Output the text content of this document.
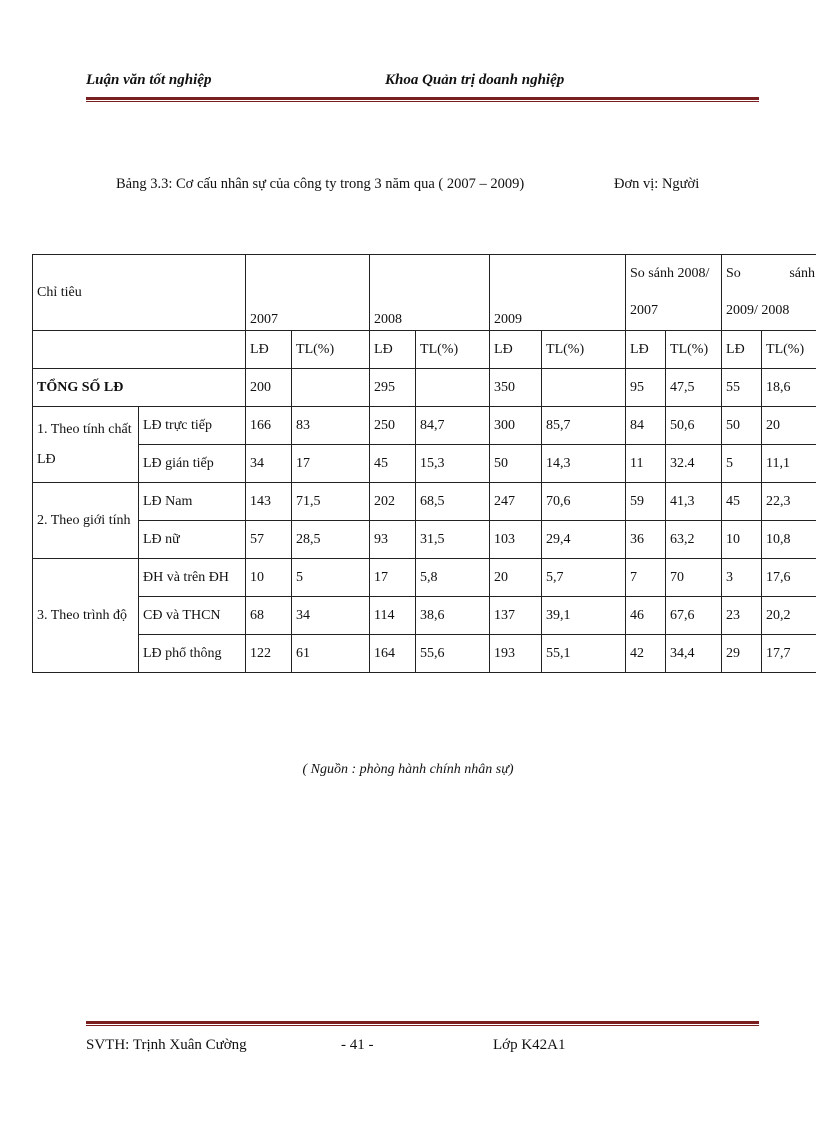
Luận văn tốt nghiệp	Khoa Quản trị doanh nghiệp
Bảng 3.3: Cơ cấu nhân sự của công ty trong 3 năm qua ( 2007 – 2009)	Đơn vị: Người
Chỉ tiêu		2007		2008		2009		So sánh 2008/		So sánh	

								2007		2009/ 2008	
		LĐ	TL(%)	LĐ	TL(%)	LĐ	TL(%)	LĐ	TL(%)	LĐ	TL(%)
TỔNG SỐ LĐ		200		295		350		95	47,5	55	18,6

1. Theo tính chất
LĐ	LĐ trực tiếp	166	83	250	84,7	300	85,7	84	50,6	50	20
	LĐ gián tiếp	34	17	45	15,3	50	14,3	11	32.4	5	11,1
2. Theo giới tính	LĐ Nam	143	71,5	202	68,5	247	70,6	59	41,3	45	22,3
	LĐ nữ	57	28,5	93	31,5	103	29,4	36	63,2	10	10,8
3. Theo trình độ	ĐH và trên ĐH	10	5	17	5,8	20	5,7	7	70	3	17,6
	CĐ và THCN	68	34	114	38,6	137	39,1	46	67,6	23	20,2
	LĐ phổ thông	122	61	164	55,6	193	55,1	42	34,4	29	17,7
( Nguồn : phòng hành chính nhân sự)
SVTH: Trịnh Xuân Cường	- 41 -	Lớp K42A1
